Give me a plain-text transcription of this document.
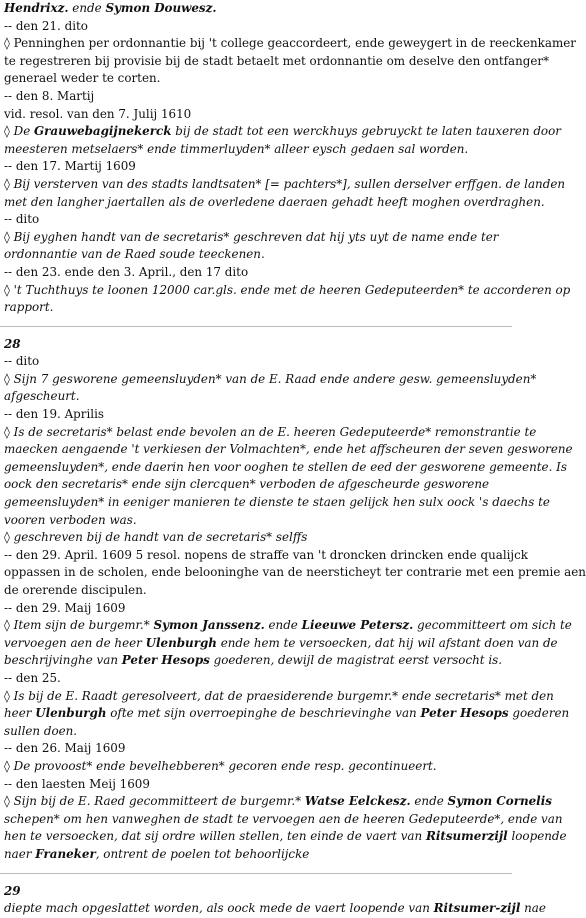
Hendrixz. ende Symon Douwesz.
-- den 21. dito
◊ Penninghen per ordonnantie bij 't college geaccordeert, ende geweygert in de reeckenkamer
te regestreren bij provisie bij de stadt betaelt met ordonnantie om deselve den ontfanger*
generael weder te corten.
-- den 8. Martij
vid. resol. van den 7. Julij 1610
◊ De Grauwebagijnekerck bij de stadt tot een werckhuys gebruyckt te laten tauxeren door
meesteren metselaers* ende timmerluyden* alleer eysch gedaen sal worden.
-- den 17. Martij 1609
◊ Bij versterven van des stadts landtsaten* [= pachters*], sullen derselver erffgen. de landen
met den langher jaertallen als de overledene daeraen gehadt heeft moghen overdraghen.
-- dito
◊ Bij eyghen handt van de secretaris* geschreven dat hij yts uyt de name ende ter
ordonnantie van de Raed soude teeckenen.
-- den 23. ende den 3. April., den 17 dito
◊ 't Tuchthuys te loonen 12000 car.gls. ende met de heeren Gedeputeerden* te accorderen op
rapport.
28
-- dito
◊ Sijn 7 gesworene gemeensluyden* van de E. Raad ende andere gesw. gemeensluyden*
afgescheurt.
-- den 19. Aprilis
◊ Is de secretaris* belast ende bevolen an de E. heeren Gedeputeerde* remonstrantie te
maecken aengaende 't verkiesen der Volmachten*, ende het affscheuren der seven gesworene
gemeensluyden*, ende daerin hen voor ooghen te stellen de eed der gesworene gemeente. Is
oock den secretaris* ende sijn clercquen* verboden de afgescheurde gesworene
gemeensluyden* in eeniger manieren te dienste te staen gelijck hen sulx oock 's daechs te
vooren verboden was.
◊ geschreven bij de handt van de secretaris* selffs
-- den 29. April. 1609 5 resol. nopens de straffe van 't droncken drincken ende qualijck
oppassen in de scholen, ende belooninghe van de neersticheyt ter contrarie met een premie aen
de orerende discipulen.
-- den 29. Maij 1609
◊ Item sijn de burgemr.* Symon Janssenz. ende Lieeuwe Petersz. gecommitteert om sich te
vervoegen aen de heer Ulenburgh ende hem te versoecken, dat hij wil afstant doen van de
beschrijvinghe van Peter Hesops goederen, dewijl de magistrat eerst versocht is.
-- den 25.
◊ Is bij de E. Raadt geresolveert, dat de praesiderende burgemr.* ende secretaris* met den
heer Ulenburgh ofte met sijn overroepinghe de beschrievinghe van Peter Hesops goederen
sullen doen.
-- den 26. Maij 1609
◊ De provoost* ende bevelhebberen* gecoren ende resp. gecontinueert.
-- den laesten Meij 1609
◊ Sijn bij de E. Raed gecommitteert de burgemr.* Watse Eelckesz. ende Symon Cornelis
schepen* om hen vanweghen de stadt te vervoegen aen de heeren Gedeputeerde*, ende van
hen te versoecken, dat sij ordre willen stellen, ten einde de vaert van Ritsumerzijl loopende
naer Franeker, ontrent de poelen tot behoorlijcke
29
diepte mach opgeslattet worden, als oock mede de vaert loopende van Ritsumer-zijl nae
